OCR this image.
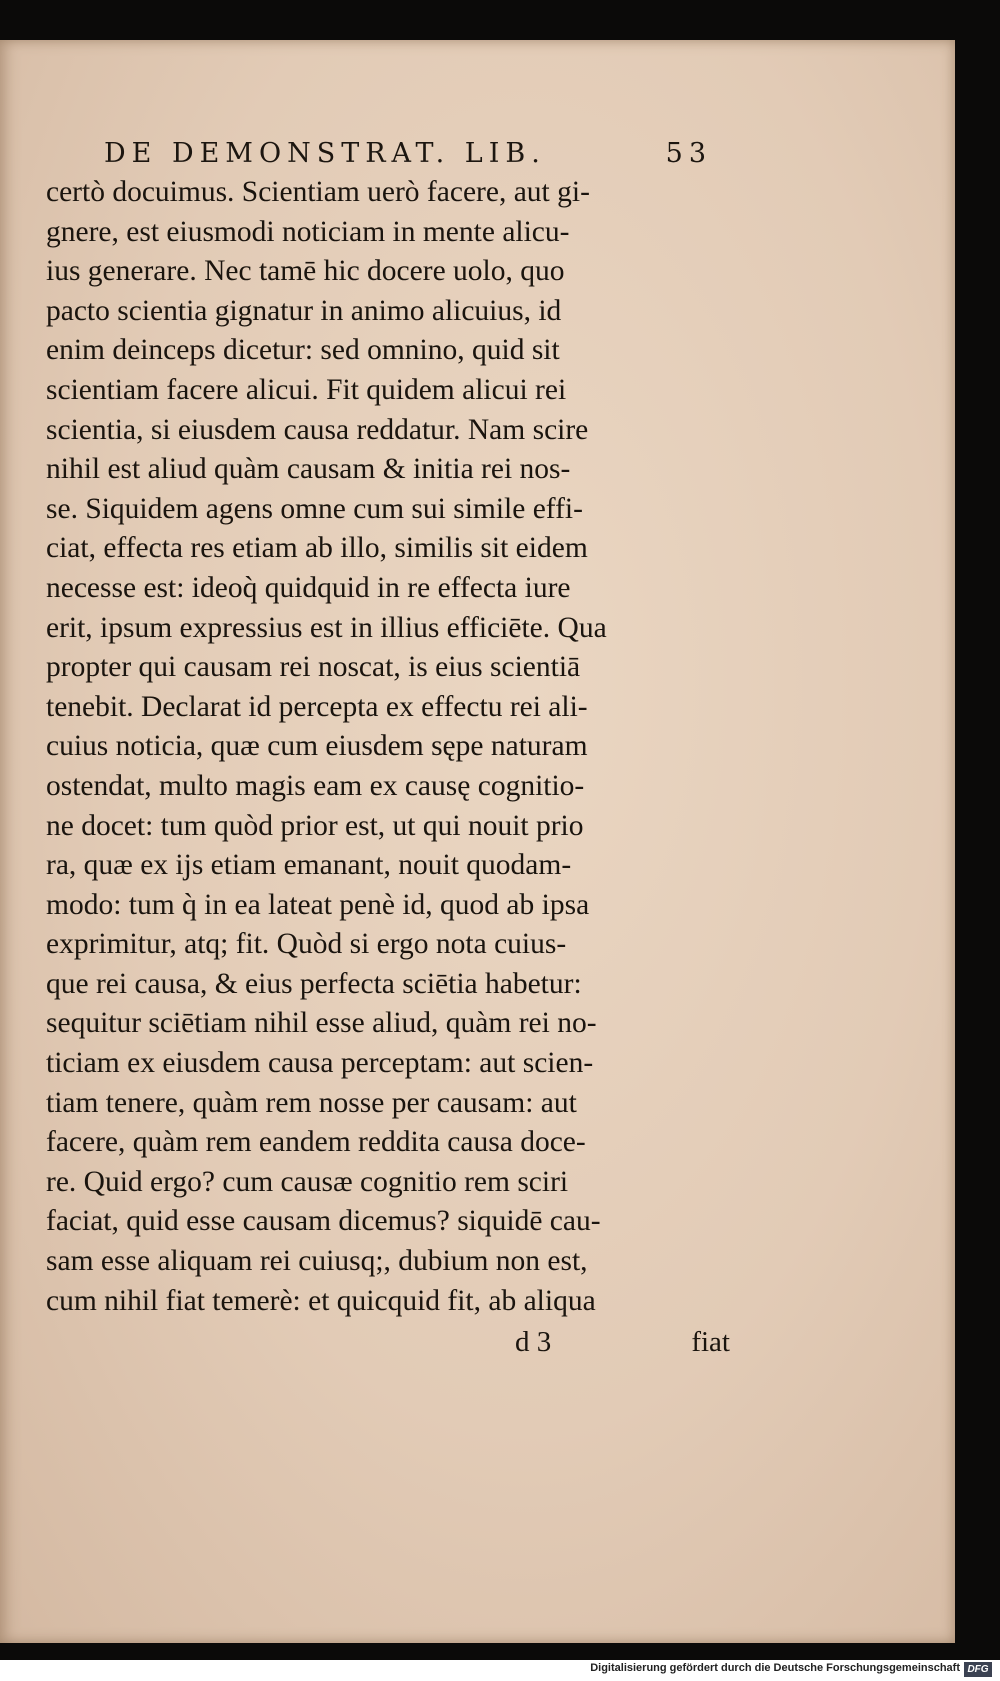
DE DEMONSTRAT. LIB.	53
certò docuimus. Scientiam uerò facere, aut gi-
gnere, est eiusmodi noticiam in mente alicu-
ius generare. Nec tamē hic docere uolo, quo
pacto scientia gignatur in animo alicuius, id
enim deinceps dicetur: sed omnino, quid sit
scientiam facere alicui. Fit quidem alicui rei
scientia, si eiusdem causa reddatur. Nam scire
nihil est aliud quàm causam & initia rei nos-
se. Siquidem agens omne cum sui simile effi-
ciat, effecta res etiam ab illo, similis sit eidem
necesse est: ideoq̀ quidquid in re effecta iure
erit, ipsum expressius est in illius efficiēte. Qua
propter qui causam rei noscat, is eius scientiā
tenebit. Declarat id percepta ex effectu rei ali-
cuius noticia, quæ cum eiusdem sępe naturam
ostendat, multo magis eam ex causę cognitio-
ne docet: tum quòd prior est, ut qui nouit prio
ra, quæ ex ijs etiam emanant, nouit quodam-
modo: tum q̀ in ea lateat penè id, quod ab ipsa
exprimitur, atq; fit. Quòd si ergo nota cuius-
que rei causa, & eius perfecta sciētia habetur:
sequitur sciētiam nihil esse aliud, quàm rei no-
ticiam ex eiusdem causa perceptam: aut scien-
tiam tenere, quàm rem nosse per causam: aut
facere, quàm rem eandem reddita causa doce-
re. Quid ergo? cum causæ cognitio rem sciri
faciat, quid esse causam dicemus? siquidē cau-
sam esse aliquam rei cuiusq;, dubium non est,
cum nihil fiat temerè: et quicquid fit, ab aliqua
d 3	fiat
Digitalisierung gefördert durch die Deutsche Forschungsgemeinschaft DFG
